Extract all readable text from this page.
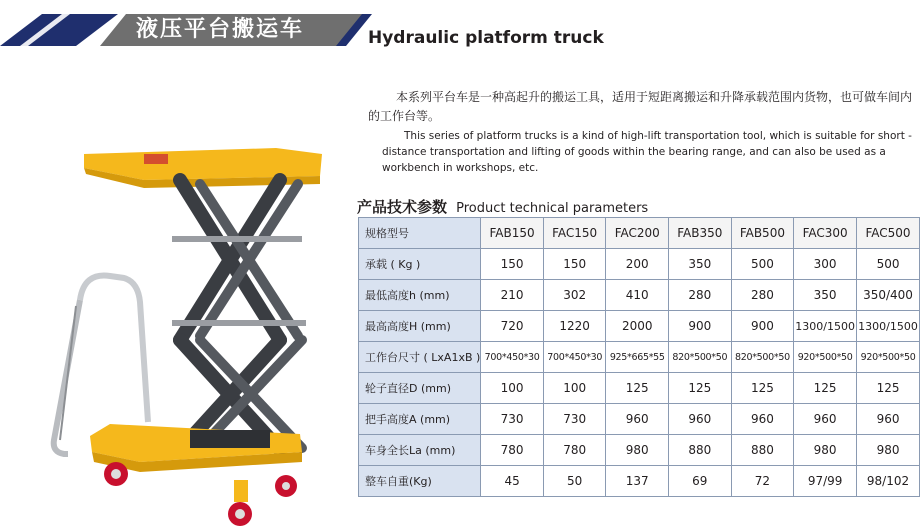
液压平台搬运车	Hydraulic platform truck
本系列平台车是一种高起升的搬运工具，适用于短距离搬运和升降承载范围内货物，也可做车间内的工作台等。
This series of platform trucks is a kind of high-lift transportation tool, which is suitable for short -distance transportation and lifting of goods within the bearing range, and can also be used as a workbench in workshops, etc.
产品技术参数 Product technical parameters
规格型号	FAB150	FAC150	FAC200	FAB350	FAB500	FAC300	FAC500
承载 ( Kg )	150	150	200	350	500	300	500
最低高度h (mm)	210	302	410	280	280	350	350/400
最高高度H (mm)	720	1220	2000	900	900	1300/1500	1300/1500
工作台尺寸 ( LxA1xB )	700*450*30	700*450*30	925*665*55	820*500*50	820*500*50	920*500*50	920*500*50
轮子直径D (mm)	100	100	125	125	125	125	125
把手高度A (mm)	730	730	960	960	960	960	960
车身全长La (mm)	780	780	980	880	880	980	980
整车自重(Kg)	45	50	137	69	72	97/99	98/102
